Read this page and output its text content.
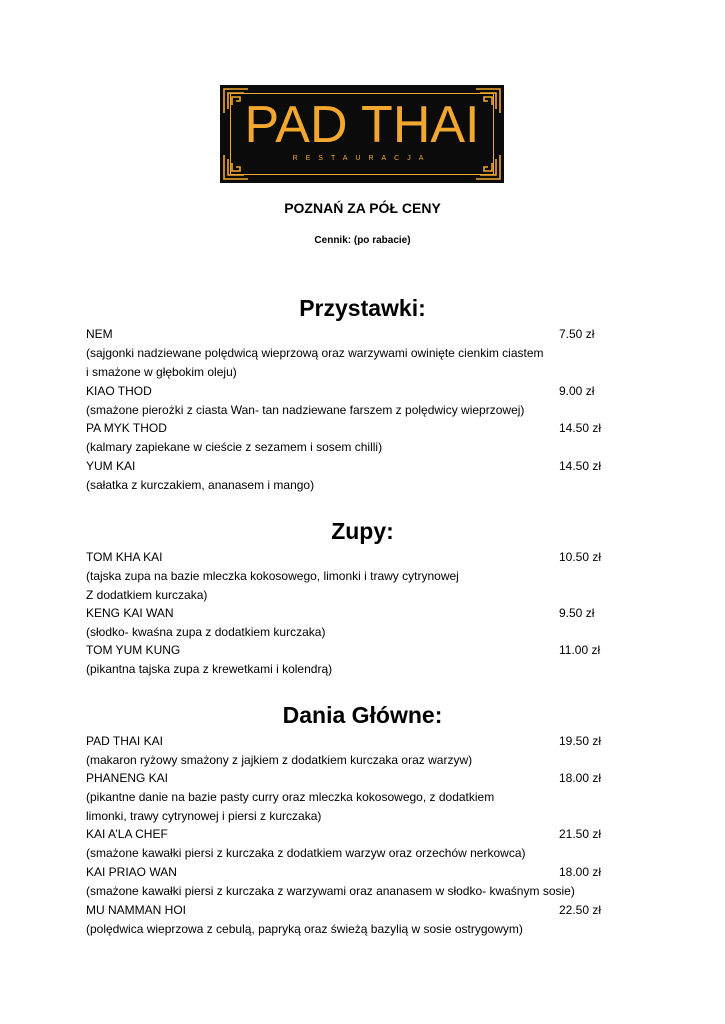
PAD THAI
RESTAURACJA
POZNAŃ ZA PÓŁ CENY
Cennik: (po rabacie)
Przystawki:
NEM	7.50 zł
(sajgonki nadziewane polędwicą wieprzową oraz warzywami owinięte cienkim ciastem
i smażone w głębokim oleju)
KIAO THOD	9.00 zł
(smażone pierożki z ciasta Wan- tan nadziewane farszem z polędwicy wieprzowej)
PA MYK THOD	14.50 zł
(kalmary zapiekane w cieście z sezamem i sosem chilli)
YUM KAI	14.50 zł
(sałatka z kurczakiem, ananasem i mango)
Zupy:
TOM KHA KAI	10.50 zł
(tajska zupa na bazie mleczka kokosowego, limonki i trawy cytrynowej
Z dodatkiem kurczaka)
KENG KAI WAN	9.50 zł
(słodko- kwaśna zupa z dodatkiem kurczaka)
TOM YUM KUNG	11.00 zł
(pikantna tajska zupa z krewetkami i kolendrą)
Dania Główne:
PAD THAI KAI	19.50 zł
(makaron ryżowy smażony z jajkiem z dodatkiem kurczaka oraz warzyw)
PHANENG KAI	18.00 zł
(pikantne danie na bazie pasty curry oraz mleczka kokosowego, z dodatkiem
limonki, trawy cytrynowej i piersi z kurczaka)
KAI A’LA CHEF	21.50 zł
(smażone kawałki piersi z kurczaka z dodatkiem warzyw oraz orzechów nerkowca)
KAI PRIAO WAN	18.00 zł
(smażone kawałki piersi z kurczaka z warzywami oraz ananasem w słodko- kwaśnym sosie)
MU NAMMAN HOI	22.50 zł
(polędwica wieprzowa z cebulą, papryką oraz świeżą bazylią w sosie ostrygowym)
